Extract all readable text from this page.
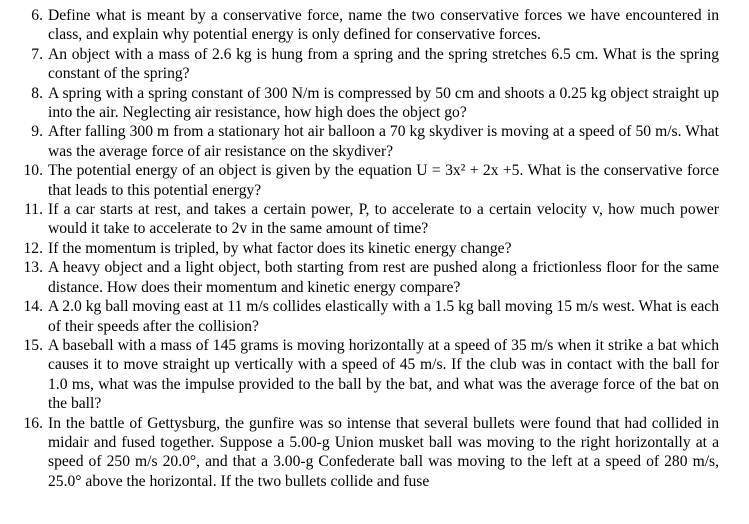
6. Define what is meant by a conservative force, name the two conservative forces we have encountered in class, and explain why potential energy is only defined for conservative forces.
7. An object with a mass of 2.6 kg is hung from a spring and the spring stretches 6.5 cm. What is the spring constant of the spring?
8. A spring with a spring constant of 300 N/m is compressed by 50 cm and shoots a 0.25 kg object straight up into the air. Neglecting air resistance, how high does the object go?
9. After falling 300 m from a stationary hot air balloon a 70 kg skydiver is moving at a speed of 50 m/s. What was the average force of air resistance on the skydiver?
10. The potential energy of an object is given by the equation U = 3x² + 2x +5. What is the conservative force that leads to this potential energy?
11. If a car starts at rest, and takes a certain power, P, to accelerate to a certain velocity v, how much power would it take to accelerate to 2v in the same amount of time?
12. If the momentum is tripled, by what factor does its kinetic energy change?
13. A heavy object and a light object, both starting from rest are pushed along a frictionless floor for the same distance. How does their momentum and kinetic energy compare?
14. A 2.0 kg ball moving east at 11 m/s collides elastically with a 1.5 kg ball moving 15 m/s west. What is each of their speeds after the collision?
15. A baseball with a mass of 145 grams is moving horizontally at a speed of 35 m/s when it strike a bat which causes it to move straight up vertically with a speed of 45 m/s. If the club was in contact with the ball for 1.0 ms, what was the impulse provided to the ball by the bat, and what was the average force of the bat on the ball?
16. In the battle of Gettysburg, the gunfire was so intense that several bullets were found that had collided in midair and fused together. Suppose a 5.00-g Union musket ball was moving to the right horizontally at a speed of 250 m/s 20.0°, and that a 3.00-g Confederate ball was moving to the left at a speed of 280 m/s, 25.0° above the horizontal. If the two bullets collide and fuse
